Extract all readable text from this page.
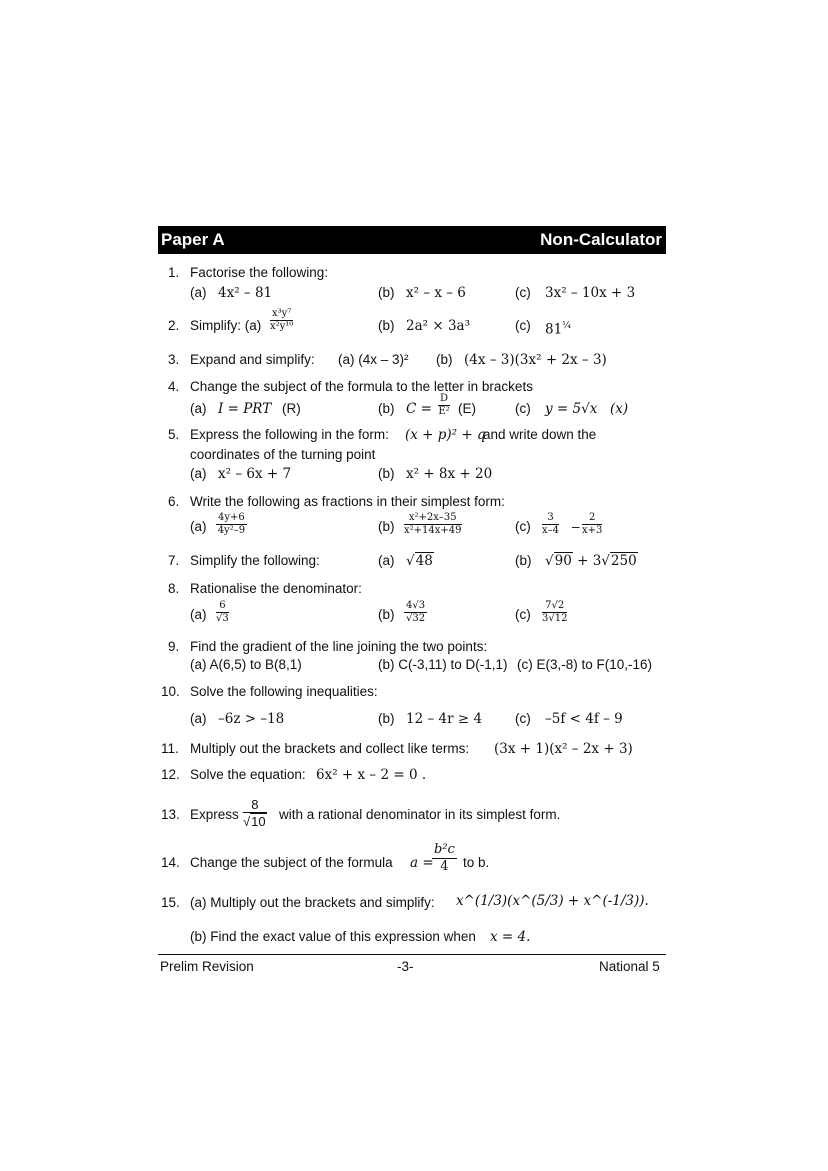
Paper A	Non-Calculator
1. Factorise the following:
(a) 4x² – 81	(b) x² – x – 6	(c) 3x² – 10x + 3
2. Simplify: $(a) \frac{\text{x³y⁷}}{\text{x²y¹⁰}}$	(b) 2a² × 3a³	(c) $81^{\frac{1}{4}}$
3. Expand and simplify: (a) (4x – 3)² (b) (4x – 3)(3x² + 2x – 3)
4. Change the subject of the formula to the letter in brackets
(a) I = PRT (R)	(b) $C = \frac{D}{\text{E²}} (E)$	(c) y = 5√x (x)
5. Express the following in the form: (x + p)² + q
and write down the
coordinates of the turning point
(a) x² – 6x + 7	(b) x² + 8x + 20
6. Write the following as fractions in their simplest form:
$(a) \frac{4y+6}{\text{4y²–9}}$	$(b) \frac{\text{x²+2x–35}}{\text{x²+14x+49}}$	$(c) \frac{3}{x-4} - \frac{2}{x+3}$
7. Simplify the following:	(a) √48	(b) √90 + 3√250
8. Rationalise the denominator:
$(a) \frac{6}{√3}$	$(b) \frac{4√3}{√32}$	$(c) \frac{7√2}{3√12}$
9. Find the gradient of the line joining the two points:
(a) A(6,5) to B(8,1)	(b) C(-3,11) to D(-1,1) (c) E(3,-8) to F(10,-16)
10. Solve the following inequalities:
(a) –6z > –18	(b) 12 – 4r ≥ 4 (c) –5f < 4f – 9
11. Multiply out the brackets and collect like terms: (3x + 1)(x² – 2x + 3)
12. Solve the equation: 6x² + x – 2 = 0 .
13. Express $\frac{8}{√10}$ with a rational denominator in its simplest form.
14. Change the subject of the formula a =
$\frac{\text{b²c}}{4}$ to b.
15. (a) Multiply out the brackets and simplify: x^(1/3)(x^(5/3) + x^(-1/3)).
(b) Find the exact value of this expression when x = 4.
Prelim Revision	-3-	National 5
